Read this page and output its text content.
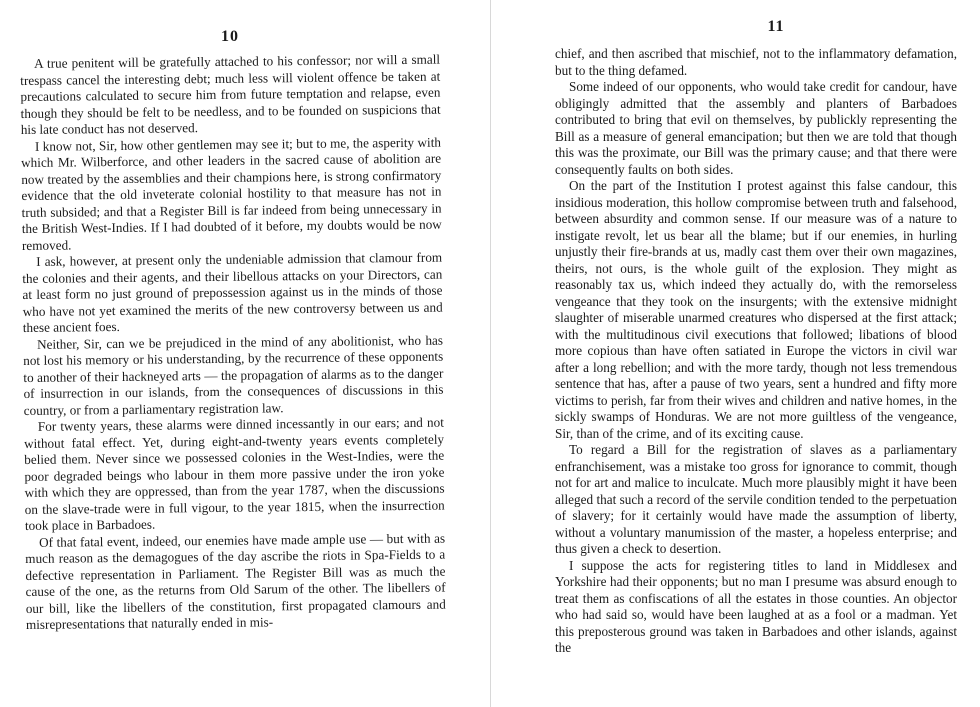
10

A true penitent will be gratefully attached to his confessor; nor will a small trespass cancel the interesting debt; much less will violent offence be taken at precautions calculated to secure him from future temptation and relapse, even though they should be felt to be needless, and to be founded on suspicions that his late conduct has not deserved.

I know not, Sir, how other gentlemen may see it; but to me, the asperity with which Mr. Wilberforce, and other leaders in the sacred cause of abolition are now treated by the assemblies and their champions here, is strong confirmatory evidence that the old inveterate colonial hostility to that measure has not in truth subsided; and that a Register Bill is far indeed from being unnecessary in the British West-Indies. If I had doubted of it before, my doubts would be now removed.

I ask, however, at present only the undeniable admission that clamour from the colonies and their agents, and their libellous attacks on your Directors, can at least form no just ground of prepossession against us in the minds of those who have not yet examined the merits of the new controversy between us and these ancient foes.

Neither, Sir, can we be prejudiced in the mind of any abolitionist, who has not lost his memory or his understanding, by the recurrence of these opponents to another of their hackneyed arts — the propagation of alarms as to the danger of insurrection in our islands, from the consequences of discussions in this country, or from a parliamentary registration law.

For twenty years, these alarms were dinned incessantly in our ears; and not without fatal effect. Yet, during eight-and-twenty years events completely belied them. Never since we possessed colonies in the West-Indies, were the poor degraded beings who labour in them more passive under the iron yoke with which they are oppressed, than from the year 1787, when the discussions on the slave-trade were in full vigour, to the year 1815, when the insurrection took place in Barbadoes.

Of that fatal event, indeed, our enemies have made ample use — but with as much reason as the demagogues of the day ascribe the riots in Spa-Fields to a defective representation in Parliament. The Register Bill was as much the cause of the one, as the returns from Old Sarum of the other. The libellers of our bill, like the libellers of the constitution, first propagated clamours and misrepresentations that naturally ended in mis-

11

chief, and then ascribed that mischief, not to the inflammatory defamation, but to the thing defamed.

Some indeed of our opponents, who would take credit for candour, have obligingly admitted that the assembly and planters of Barbadoes contributed to bring that evil on themselves, by publickly representing the Bill as a measure of general emancipation; but then we are told that though this was the proximate, our Bill was the primary cause; and that there were consequently faults on both sides.

On the part of the Institution I protest against this false candour, this insidious moderation, this hollow compromise between truth and falsehood, between absurdity and common sense. If our measure was of a nature to instigate revolt, let us bear all the blame; but if our enemies, in hurling unjustly their fire-brands at us, madly cast them over their own magazines, theirs, not ours, is the whole guilt of the explosion. They might as reasonably tax us, which indeed they actually do, with the remorseless vengeance that they took on the insurgents; with the extensive midnight slaughter of miserable unarmed creatures who dispersed at the first attack; with the multitudinous civil executions that followed; libations of blood more copious than have often satiated in Europe the victors in civil war after a long rebellion; and with the more tardy, though not less tremendous sentence that has, after a pause of two years, sent a hundred and fifty more victims to perish, far from their wives and children and native homes, in the sickly swamps of Honduras. We are not more guiltless of the vengeance, Sir, than of the crime, and of its exciting cause.

To regard a Bill for the registration of slaves as a parliamentary enfranchisement, was a mistake too gross for ignorance to commit, though not for art and malice to inculcate. Much more plausibly might it have been alleged that such a record of the servile condition tended to the perpetuation of slavery; for it certainly would have made the assumption of liberty, without a voluntary manumission of the master, a hopeless enterprise; and thus given a check to desertion.

I suppose the acts for registering titles to land in Middlesex and Yorkshire had their opponents; but no man I presume was absurd enough to treat them as confiscations of all the estates in those counties. An objector who had said so, would have been laughed at as a fool or a madman. Yet this preposterous ground was taken in Barbadoes and other islands, against the
